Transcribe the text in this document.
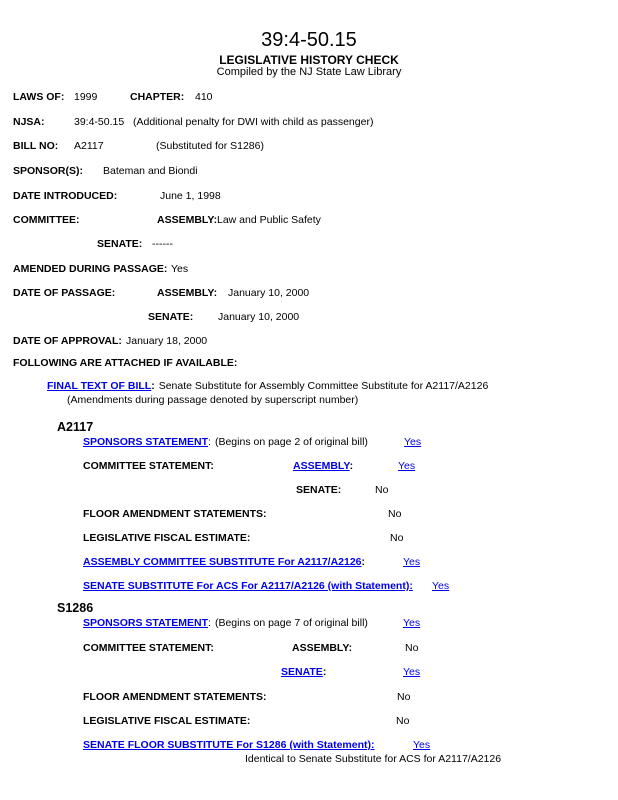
39:4-50.15
LEGISLATIVE HISTORY CHECK
Compiled by the NJ State Law Library
LAWS OF: 1999	CHAPTER: 410
NJSA:	39:4-50.15 (Additional penalty for DWI with child as passenger)
BILL NO: A2117	(Substituted for S1286)
SPONSOR(S): Bateman and Biondi
DATE INTRODUCED:	June 1, 1998
COMMITTEE:	ASSEMBLY: Law and Public Safety
SENATE: ------
AMENDED DURING PASSAGE: Yes
DATE OF PASSAGE:	ASSEMBLY: January 10, 2000
SENATE: January 10, 2000
DATE OF APPROVAL: January 18, 2000
FOLLOWING ARE ATTACHED IF AVAILABLE:
FINAL TEXT OF BILL: Senate Substitute for Assembly Committee Substitute for A2117/A2126
(Amendments during passage denoted by superscript number)
A2117
SPONSORS STATEMENT: (Begins on page 2 of original bill)	Yes
COMMITTEE STATEMENT:	ASSEMBLY:	Yes
SENATE:	No
FLOOR AMENDMENT STATEMENTS:	No
LEGISLATIVE FISCAL ESTIMATE:	No
ASSEMBLY COMMITTEE SUBSTITUTE For A2117/A2126:	Yes
SENATE SUBSTITUTE For ACS For A2117/A2126 (with Statement): Yes
S1286
SPONSORS STATEMENT: (Begins on page 7 of original bill)	Yes
COMMITTEE STATEMENT:	ASSEMBLY:	No
SENATE:	Yes
FLOOR AMENDMENT STATEMENTS:	No
LEGISLATIVE FISCAL ESTIMATE:	No
SENATE FLOOR SUBSTITUTE For S1286 (with Statement):	Yes
Identical to Senate Substitute for ACS for A2117/A2126
